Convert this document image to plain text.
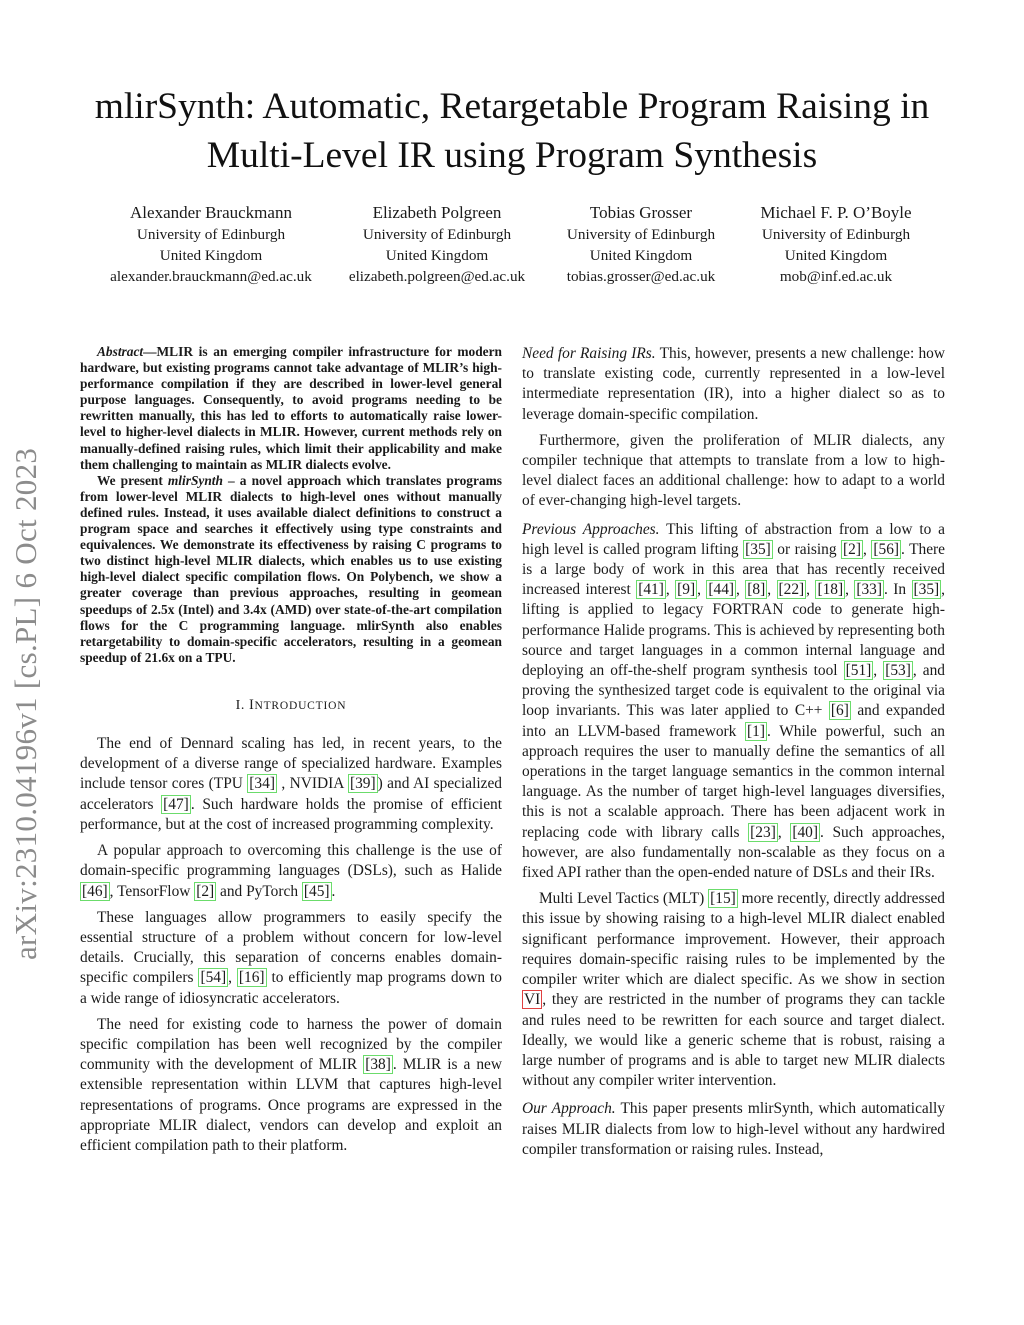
arXiv:2310.04196v1 [cs.PL] 6 Oct 2023
mlirSynth: Automatic, Retargetable Program Raising in Multi-Level IR using Program Synthesis
Alexander Brauckmann
University of Edinburgh
United Kingdom
alexander.brauckmann@ed.ac.uk
Elizabeth Polgreen
University of Edinburgh
United Kingdom
elizabeth.polgreen@ed.ac.uk
Tobias Grosser
University of Edinburgh
United Kingdom
tobias.grosser@ed.ac.uk
Michael F. P. O’Boyle
University of Edinburgh
United Kingdom
mob@inf.ed.ac.uk

Abstract—MLIR is an emerging compiler infrastructure for modern hardware, but existing programs cannot take advantage of MLIR’s high-performance compilation if they are described in lower-level general purpose languages. Consequently, to avoid programs needing to be rewritten manually, this has led to efforts to automatically raise lower-level to higher-level dialects in MLIR. However, current methods rely on manually-defined raising rules, which limit their applicability and make them challenging to maintain as MLIR dialects evolve.

We present mlirSynth – a novel approach which translates programs from lower-level MLIR dialects to high-level ones without manually defined rules. Instead, it uses available dialect definitions to construct a program space and searches it effectively using type constraints and equivalences. We demonstrate its effectiveness by raising C programs to two distinct high-level MLIR dialects, which enables us to use existing high-level dialect specific compilation flows. On Polybench, we show a greater coverage than previous approaches, resulting in geomean speedups of 2.5x (Intel) and 3.4x (AMD) over state-of-the-art compilation flows for the C programming language. mlirSynth also enables retargetability to domain-specific accelerators, resulting in a geomean speedup of 21.6x on a TPU.

I. INTRODUCTION

The end of Dennard scaling has led, in recent years, to the development of a diverse range of specialized hardware. Examples include tensor cores (TPU [34] , NVIDIA [39] ) and AI specialized accelerators [47] . Such hardware holds the promise of efficient performance, but at the cost of increased programming complexity.

A popular approach to overcoming this challenge is the use of domain-specific programming languages (DSLs), such as Halide [46] , TensorFlow [2] and PyTorch [45] .

These languages allow programmers to easily specify the essential structure of a problem without concern for low-level details. Crucially, this separation of concerns enables domain-specific compilers [54] , [16] to efficiently map programs down to a wide range of idiosyncratic accelerators.

The need for existing code to harness the power of domain specific compilation has been well recognized by the compiler community with the development of MLIR [38] . MLIR is a new extensible representation within LLVM that captures high-level representations of programs. Once programs are expressed in the appropriate MLIR dialect, vendors can develop and exploit an efficient compilation path to their platform.

Need for Raising IRs. This, however, presents a new challenge: how to translate existing code, currently represented in a low-level intermediate representation (IR), into a higher dialect so as to leverage domain-specific compilation.

Furthermore, given the proliferation of MLIR dialects, any compiler technique that attempts to translate from a low to high-level dialect faces an additional challenge: how to adapt to a world of ever-changing high-level targets.

Previous Approaches. This lifting of abstraction from a low to a high level is called program lifting [35] or raising [2] , [56] . There is a large body of work in this area that has recently received increased interest [41] , [9] , [44] , [8] , [22] , [18] , [33] . In [35] , lifting is applied to legacy FORTRAN code to generate high-performance Halide programs. This is achieved by representing both source and target languages in a common internal language and deploying an off-the-shelf program synthesis tool [51] , [53] , and proving the synthesized target code is equivalent to the original via loop invariants. This was later applied to C++ [6] and expanded into an LLVM-based framework [1] . While powerful, such an approach requires the user to manually define the semantics of all operations in the target language semantics in the common internal language. As the number of target high-level languages diversifies, this is not a scalable approach. There has been adjacent work in replacing code with library calls [23] , [40] . Such approaches, however, are also fundamentally non-scalable as they focus on a fixed API rather than the open-ended nature of DSLs and their IRs.

Multi Level Tactics (MLT) [15] more recently, directly addressed this issue by showing raising to a high-level MLIR dialect enabled significant performance improvement. However, their approach requires domain-specific raising rules to be implemented by the compiler writer which are dialect specific. As we show in section VI , they are restricted in the number of programs they can tackle and rules need to be rewritten for each source and target dialect. Ideally, we would like a generic scheme that is robust, raising a large number of programs and is able to target new MLIR dialects without any compiler writer intervention.

Our Approach. This paper presents mlirSynth, which automatically raises MLIR dialects from low to high-level without any hardwired compiler transformation or raising rules. Instead,
